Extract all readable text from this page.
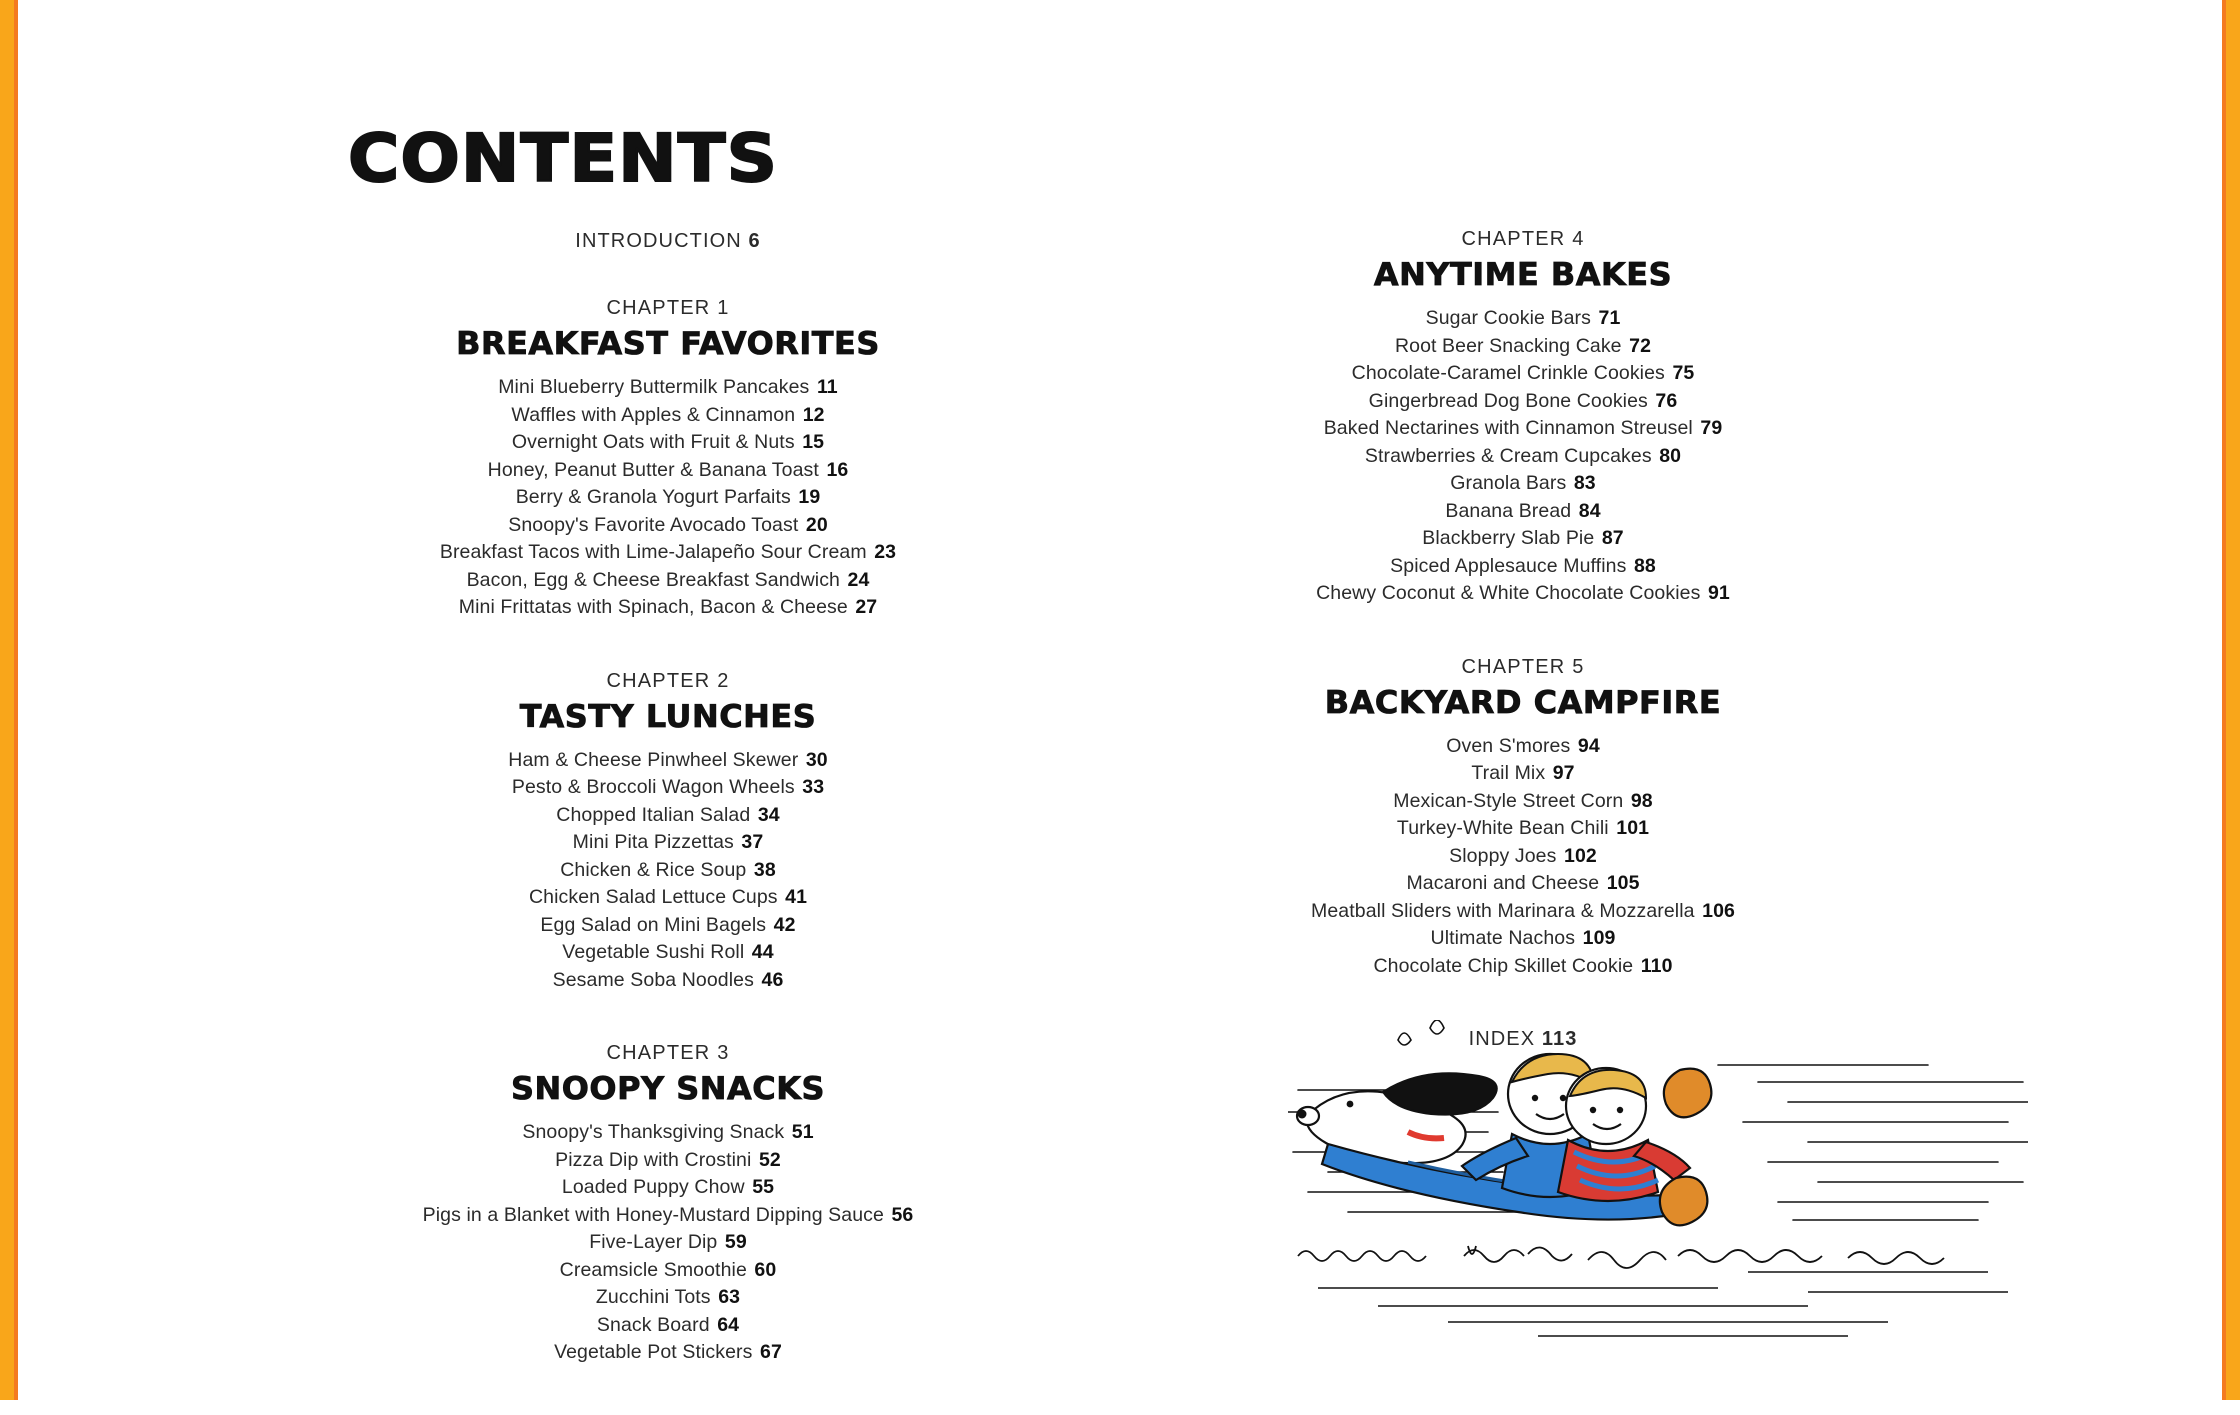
CONTENTS
INTRODUCTION 6
CHAPTER 1
BREAKFAST FAVORITES
Mini Blueberry Buttermilk Pancakes 11
Waffles with Apples & Cinnamon 12
Overnight Oats with Fruit & Nuts 15
Honey, Peanut Butter & Banana Toast 16
Berry & Granola Yogurt Parfaits 19
Snoopy's Favorite Avocado Toast 20
Breakfast Tacos with Lime-Jalapeño Sour Cream 23
Bacon, Egg & Cheese Breakfast Sandwich 24
Mini Frittatas with Spinach, Bacon & Cheese 27
CHAPTER 2
TASTY LUNCHES
Ham & Cheese Pinwheel Skewer 30
Pesto & Broccoli Wagon Wheels 33
Chopped Italian Salad 34
Mini Pita Pizzettas 37
Chicken & Rice Soup 38
Chicken Salad Lettuce Cups 41
Egg Salad on Mini Bagels 42
Vegetable Sushi Roll 44
Sesame Soba Noodles 46
CHAPTER 3
SNOOPY SNACKS
Snoopy's Thanksgiving Snack 51
Pizza Dip with Crostini 52
Loaded Puppy Chow 55
Pigs in a Blanket with Honey-Mustard Dipping Sauce 56
Five-Layer Dip 59
Creamsicle Smoothie 60
Zucchini Tots 63
Snack Board 64
Vegetable Pot Stickers 67
CHAPTER 4
ANYTIME BAKES
Sugar Cookie Bars 71
Root Beer Snacking Cake 72
Chocolate-Caramel Crinkle Cookies 75
Gingerbread Dog Bone Cookies 76
Baked Nectarines with Cinnamon Streusel 79
Strawberries & Cream Cupcakes 80
Granola Bars 83
Banana Bread 84
Blackberry Slab Pie 87
Spiced Applesauce Muffins 88
Chewy Coconut & White Chocolate Cookies 91
CHAPTER 5
BACKYARD CAMPFIRE
Oven S'mores 94
Trail Mix 97
Mexican-Style Street Corn 98
Turkey-White Bean Chili 101
Sloppy Joes 102
Macaroni and Cheese 105
Meatball Sliders with Marinara & Mozzarella 106
Ultimate Nachos 109
Chocolate Chip Skillet Cookie 110
INDEX 113
